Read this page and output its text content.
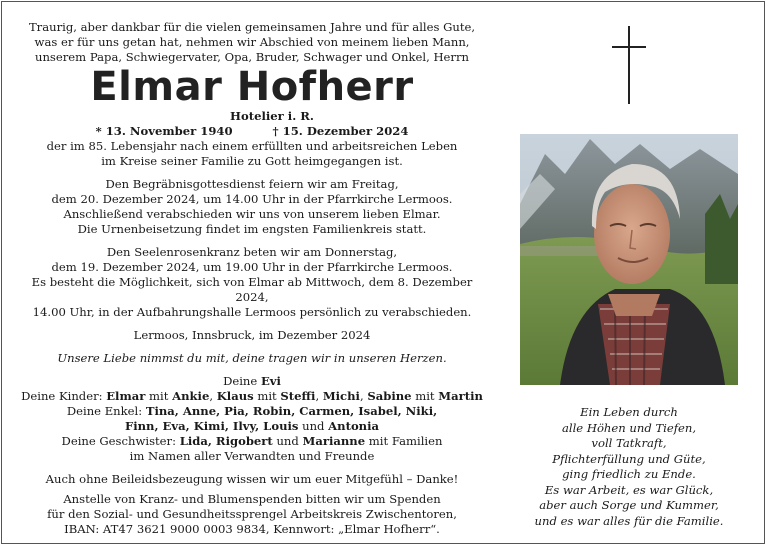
Traurig, aber dankbar für die vielen gemeinsamen Jahre und für alles Gute,

was er für uns getan hat, nehmen wir Abschied von meinem lieben Mann,

unserem Papa, Schwiegervater, Opa, Bruder, Schwager und Onkel, Herrn

Elmar Hofherr

Hotelier i. R.

* 13. November 1940	† 15. Dezember 2024

der im 85. Lebensjahr nach einem erfüllten und arbeitsreichen Leben

im Kreise seiner Familie zu Gott heimgegangen ist.

Den Begräbnisgottesdienst feiern wir am Freitag,

dem 20. Dezember 2024, um 14.00 Uhr in der Pfarrkirche Lermoos.

Anschließend verabschieden wir uns von unserem lieben Elmar.

Die Urnenbeisetzung findet im engsten Familienkreis statt.

Den Seelenrosenkranz beten wir am Donnerstag,

dem 19. Dezember 2024, um 19.00 Uhr in der Pfarrkirche Lermoos.

Es besteht die Möglichkeit, sich von Elmar ab Mittwoch, dem 8. Dezember 2024,

14.00 Uhr, in der Aufbahrungshalle Lermoos persönlich zu verabschieden.

Lermoos, Innsbruck, im Dezember 2024

Unsere Liebe nimmst du mit, deine tragen wir in unseren Herzen.

Deine Evi

Deine Kinder: Elmar mit Ankie, Klaus mit Steffi, Michi, Sabine mit Martin

Deine Enkel: Tina, Anne, Pia, Robin, Carmen, Isabel, Niki,

Finn, Eva, Kimi, Ilvy, Louis und Antonia

Deine Geschwister: Lida, Rigobert und Marianne mit Familien

im Namen aller Verwandten und Freunde

Auch ohne Beileidsbezeugung wissen wir um euer Mitgefühl – Danke!

Anstelle von Kranz- und Blumenspenden bitten wir um Spenden

für den Sozial- und Gesundheitssprengel Arbeitskreis Zwischentoren,

IBAN: AT47 3621 9000 0003 9834, Kennwort: „Elmar Hofherr“.

Ein Leben durch

alle Höhen und Tiefen,

voll Tatkraft,

Pflichterfüllung und Güte,

ging friedlich zu Ende.

Es war Arbeit, es war Glück,

aber auch Sorge und Kummer,

und es war alles für die Familie.
